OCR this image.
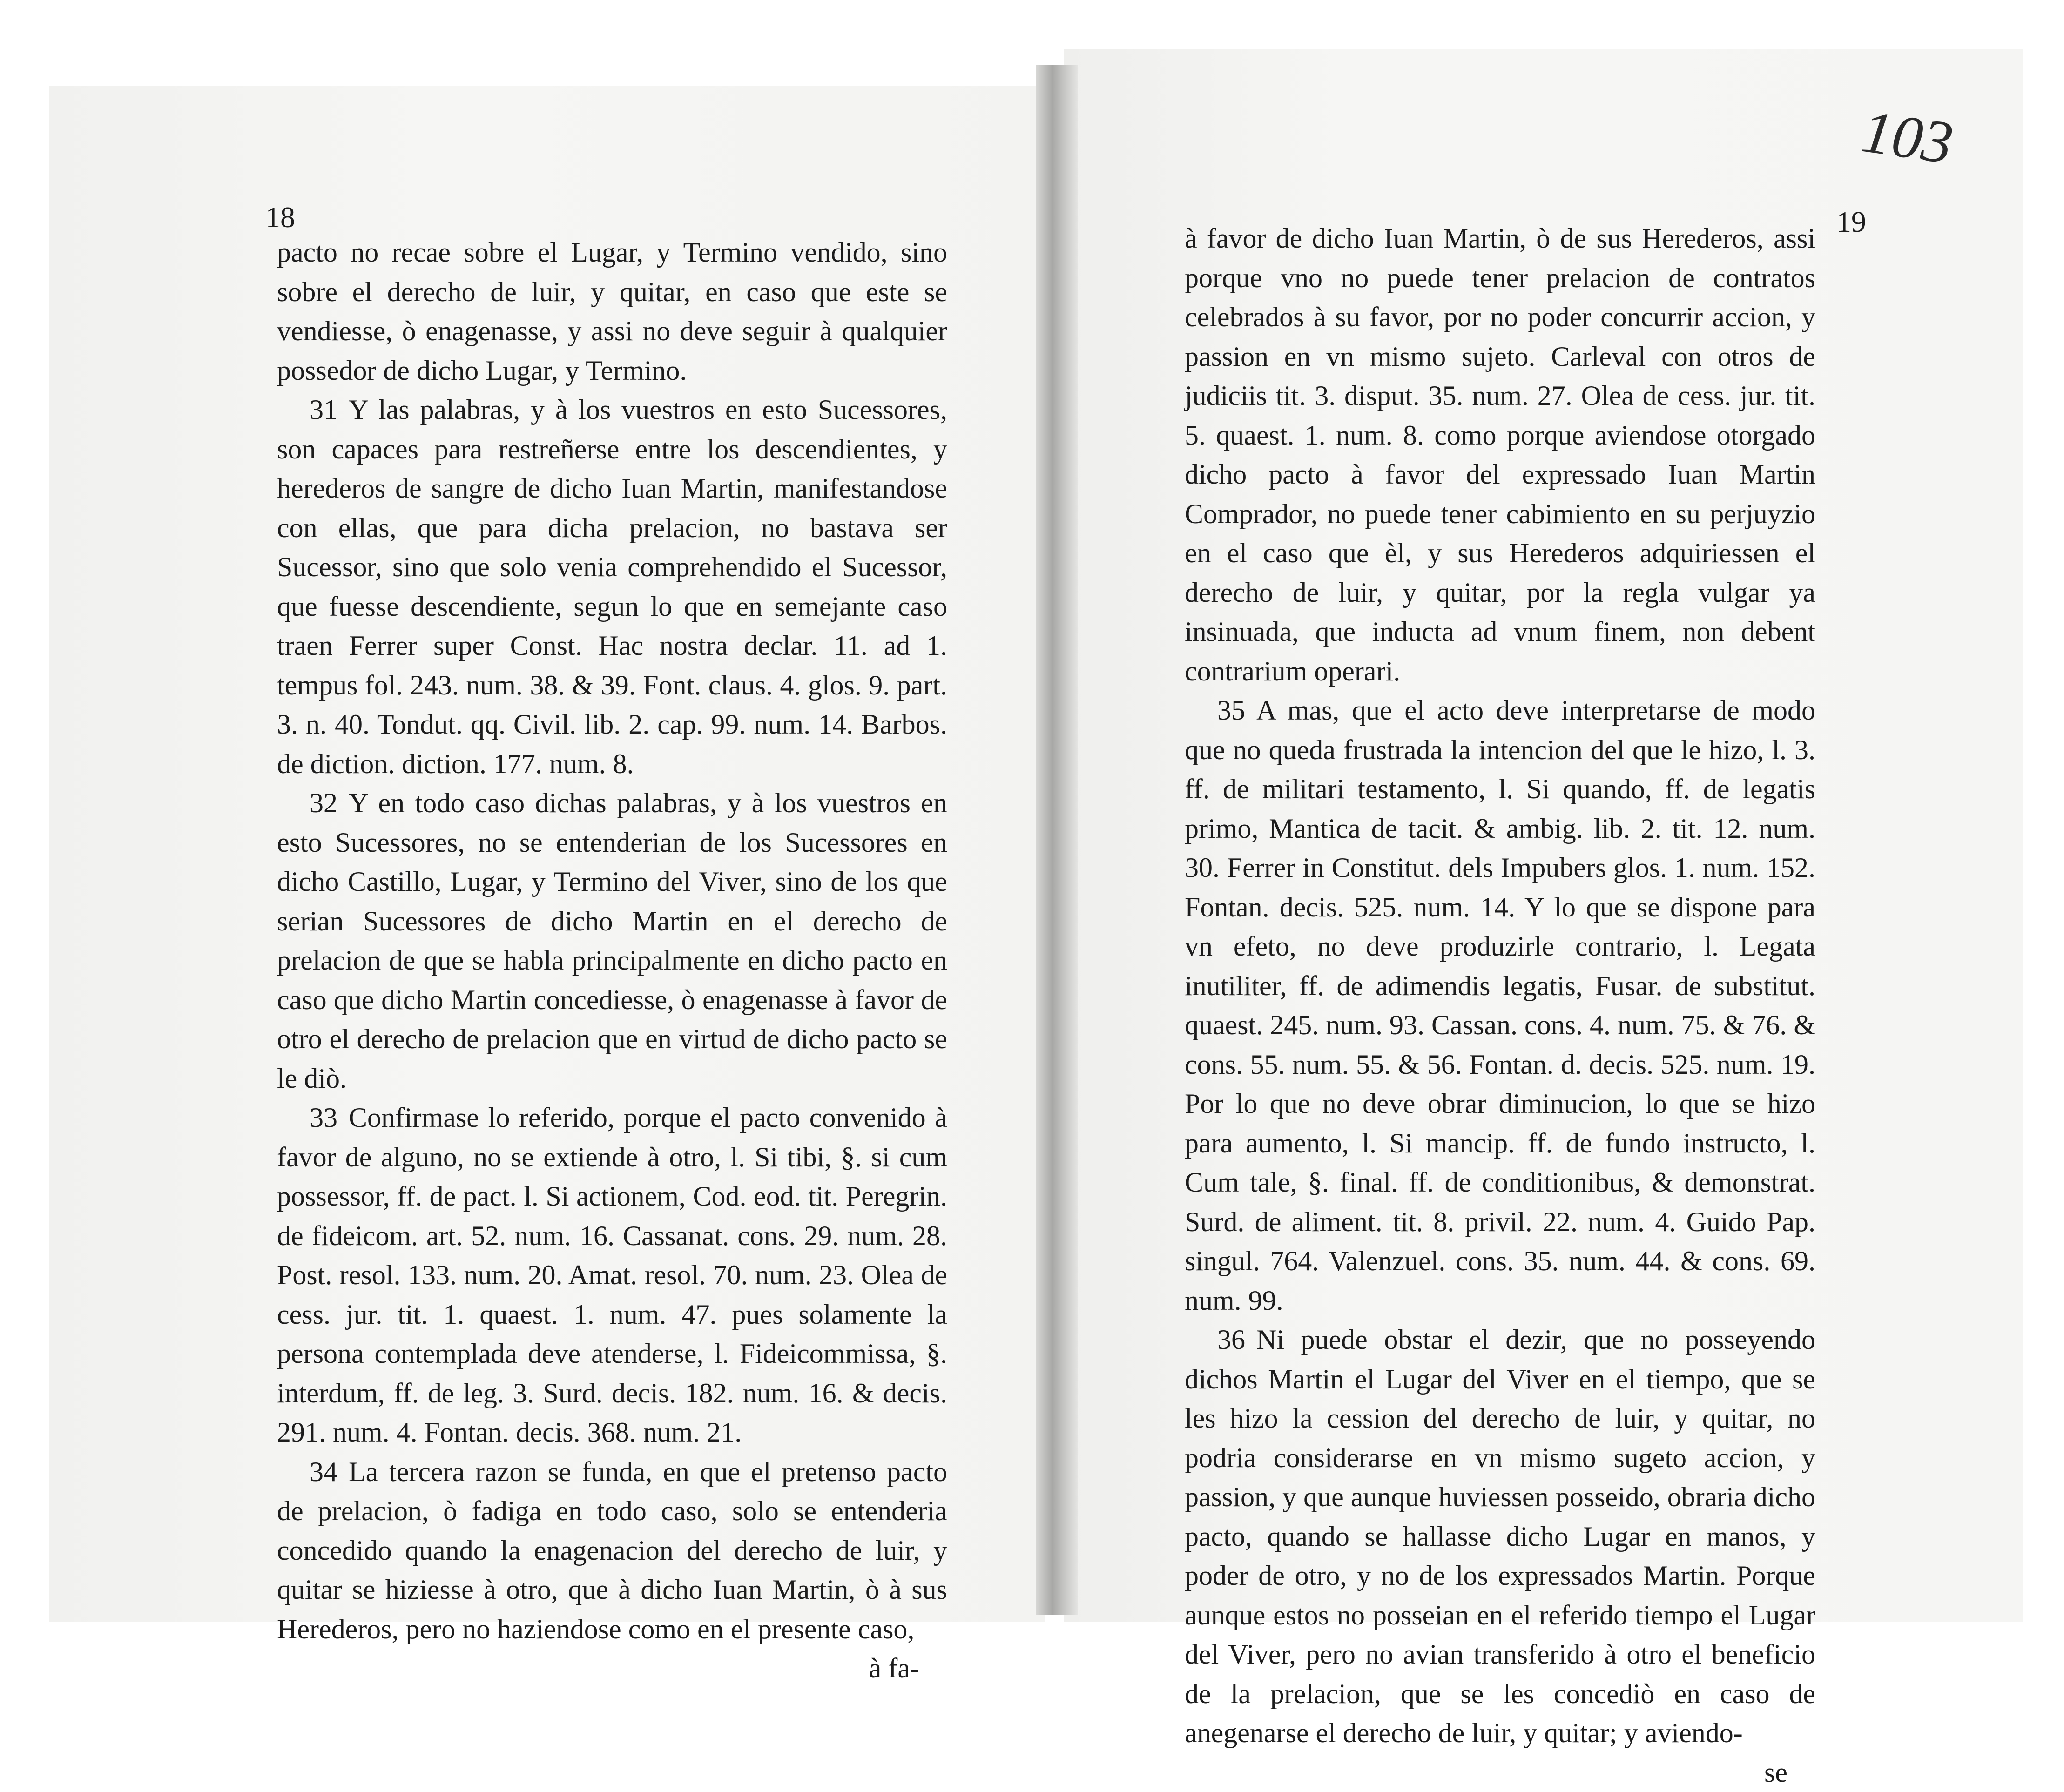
18	19
103

pacto no recae sobre el Lugar, y Termino vendido, sino sobre el derecho de luir, y quitar, en caso que este se vendiesse, ò enagenasse, y assi no deve seguir à qualquier possedor de dicho Lugar, y Termino.

31 Y las palabras, y à los vuestros en esto Sucessores, son capaces para restreñerse entre los descendientes, y herederos de sangre de dicho Iuan Martin, manifestandose con ellas, que para dicha prelacion, no bastava ser Sucessor, sino que solo venia comprehendido el Sucessor, que fuesse descendiente, segun lo que en semejante caso traen Ferrer super Const. Hac nostra declar. 11. ad 1. tempus fol. 243. num. 38. & 39. Font. claus. 4. glos. 9. part. 3. n. 40. Tondut. qq. Civil. lib. 2. cap. 99. num. 14. Barbos. de diction. diction. 177. num. 8.

32 Y en todo caso dichas palabras, y à los vuestros en esto Sucessores, no se entenderian de los Sucessores en dicho Castillo, Lugar, y Termino del Viver, sino de los que serian Sucessores de dicho Martin en el derecho de prelacion de que se habla principalmente en dicho pacto en caso que dicho Martin concediesse, ò enagenasse à favor de otro el derecho de prelacion que en virtud de dicho pacto se le diò.

33 Confirmase lo referido, porque el pacto convenido à favor de alguno, no se extiende à otro, l. Si tibi, §. si cum possessor, ff. de pact. l. Si actionem, Cod. eod. tit. Peregrin. de fideicom. art. 52. num. 16. Cassanat. cons. 29. num. 28. Post. resol. 133. num. 20. Amat. resol. 70. num. 23. Olea de cess. jur. tit. 1. quaest. 1. num. 47. pues solamente la persona contemplada deve atenderse, l. Fideicommissa, §. interdum, ff. de leg. 3. Surd. decis. 182. num. 16. & decis. 291. num. 4. Fontan. decis. 368. num. 21.

34 La tercera razon se funda, en que el pretenso pacto de prelacion, ò fadiga en todo caso, solo se entenderia concedido quando la enagenacion del derecho de luir, y quitar se hiziesse à otro, que à dicho Iuan Martin, ò à sus Herederos, pero no haziendose como en el presente caso,

à fa-

à favor de dicho Iuan Martin, ò de sus Herederos, assi porque vno no puede tener prelacion de contratos celebrados à su favor, por no poder concurrir accion, y passion en vn mismo sujeto. Carleval con otros de judiciis tit. 3. disput. 35. num. 27. Olea de cess. jur. tit. 5. quaest. 1. num. 8. como porque aviendose otorgado dicho pacto à favor del expressado Iuan Martin Comprador, no puede tener cabimiento en su perjuyzio en el caso que èl, y sus Herederos adquiriessen el derecho de luir, y quitar, por la regla vulgar ya insinuada, que inducta ad vnum finem, non debent contrarium operari.

35 A mas, que el acto deve interpretarse de modo que no queda frustrada la intencion del que le hizo, l. 3. ff. de militari testamento, l. Si quando, ff. de legatis primo, Mantica de tacit. & ambig. lib. 2. tit. 12. num. 30. Ferrer in Constitut. dels Impubers glos. 1. num. 152. Fontan. decis. 525. num. 14. Y lo que se dispone para vn efeto, no deve produzirle contrario, l. Legata inutiliter, ff. de adimendis legatis, Fusar. de substitut. quaest. 245. num. 93. Cassan. cons. 4. num. 75. & 76. & cons. 55. num. 55. & 56. Fontan. d. decis. 525. num. 19. Por lo que no deve obrar diminucion, lo que se hizo para aumento, l. Si mancip. ff. de fundo instructo, l. Cum tale, §. final. ff. de conditionibus, & demonstrat. Surd. de aliment. tit. 8. privil. 22. num. 4. Guido Pap. singul. 764. Valenzuel. cons. 35. num. 44. & cons. 69. num. 99.

36 Ni puede obstar el dezir, que no posseyendo dichos Martin el Lugar del Viver en el tiempo, que se les hizo la cession del derecho de luir, y quitar, no podria considerarse en vn mismo sugeto accion, y passion, y que aunque huviessen posseido, obraria dicho pacto, quando se hallasse dicho Lugar en manos, y poder de otro, y no de los expressados Martin. Porque aunque estos no posseian en el referido tiempo el Lugar del Viver, pero no avian transferido à otro el beneficio de la prelacion, que se les concediò en caso de anegenarse el derecho de luir, y quitar; y aviendo-

se
